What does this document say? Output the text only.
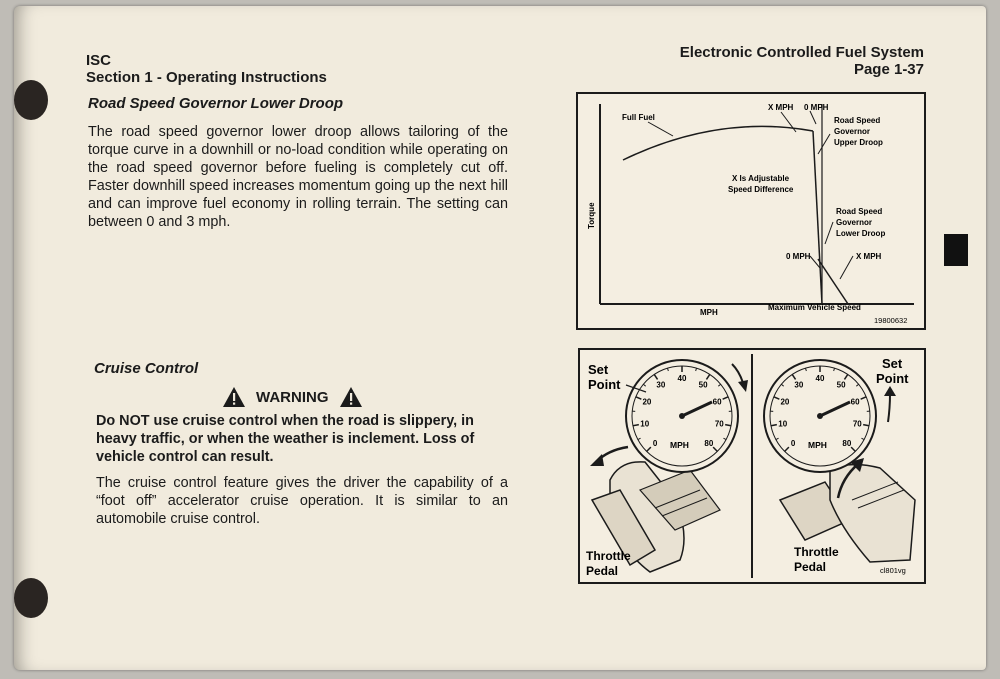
ISC
Section 1 - Operating Instructions
Electronic Controlled Fuel System
Page 1-37
Road Speed Governor Lower Droop
The road speed governor lower droop allows tailoring of the torque curve in a downhill or no-load condition while operating on the road speed governor before fueling is completely cut off. Faster downhill speed increases momentum going up the next hill and can improve fuel economy in rolling terrain. The setting can between 0 and 3 mph.
Cruise Control
WARNING
Do NOT use cruise control when the road is slippery, in heavy traffic, or when the weather is inclement. Loss of vehicle control can result.
The cruise control feature gives the driver the capability of a “foot off” accelerator cruise operation. It is similar to an automobile cruise control.
Full Fuel
X MPH 0 MPH
Road Speed
Governor
Upper Droop
X Is Adjustable
Speed Difference
Road Speed
Governor
Lower Droop
0 MPH	X MPH
Torque
MPH
Maximum Vehicle Speed
19800632
0
10
20
30
40
50
60
70
80
MPH
Set
Point
Throttle
Pedal
0
10
20
30
40
50
60
70
80
MPH
Set
Point
Throttle
Pedal	cl801vg
